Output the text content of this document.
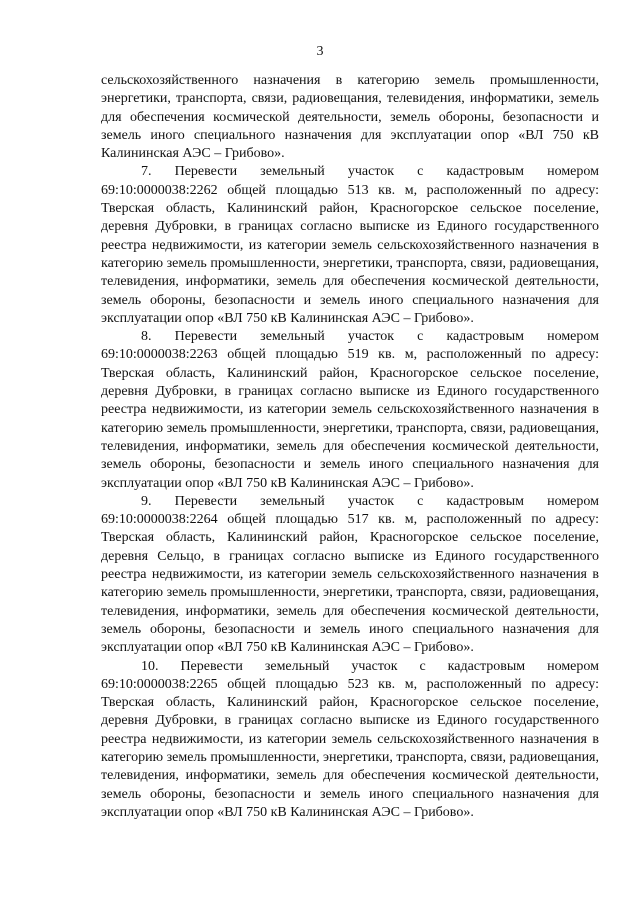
3

сельскохозяйственного назначения в категорию земель промышленности, энергетики, транспорта, связи, радиовещания, телевидения, информатики, земель для обеспечения космической деятельности, земель обороны, безопасности и земель иного специального назначения для эксплуатации опор «ВЛ 750 кВ Калининская АЭС – Грибово».

7. Перевести земельный участок с кадастровым номером 69:10:0000038:2262 общей площадью 513 кв. м, расположенный по адресу: Тверская область, Калининский район, Красногорское сельское поселение, деревня Дубровки, в границах согласно выписке из Единого государственного реестра недвижимости, из категории земель сельскохозяйственного назначения в категорию земель промышленности, энергетики, транспорта, связи, радиовещания, телевидения, информатики, земель для обеспечения космической деятельности, земель обороны, безопасности и земель иного специального назначения для эксплуатации опор «ВЛ 750 кВ Калининская АЭС – Грибово».

8. Перевести земельный участок с кадастровым номером 69:10:0000038:2263 общей площадью 519 кв. м, расположенный по адресу: Тверская область, Калининский район, Красногорское сельское поселение, деревня Дубровки, в границах согласно выписке из Единого государственного реестра недвижимости, из категории земель сельскохозяйственного назначения в категорию земель промышленности, энергетики, транспорта, связи, радиовещания, телевидения, информатики, земель для обеспечения космической деятельности, земель обороны, безопасности и земель иного специального назначения для эксплуатации опор «ВЛ 750 кВ Калининская АЭС – Грибово».

9. Перевести земельный участок с кадастровым номером 69:10:0000038:2264 общей площадью 517 кв. м, расположенный по адресу: Тверская область, Калининский район, Красногорское сельское поселение, деревня Сельцо, в границах согласно выписке из Единого государственного реестра недвижимости, из категории земель сельскохозяйственного назначения в категорию земель промышленности, энергетики, транспорта, связи, радиовещания, телевидения, информатики, земель для обеспечения космической деятельности, земель обороны, безопасности и земель иного специального назначения для эксплуатации опор «ВЛ 750 кВ Калининская АЭС – Грибово».

10. Перевести земельный участок с кадастровым номером 69:10:0000038:2265 общей площадью 523 кв. м, расположенный по адресу: Тверская область, Калининский район, Красногорское сельское поселение, деревня Дубровки, в границах согласно выписке из Единого государственного реестра недвижимости, из категории земель сельскохозяйственного назначения в категорию земель промышленности, энергетики, транспорта, связи, радиовещания, телевидения, информатики, земель для обеспечения космической деятельности, земель обороны, безопасности и земель иного специального назначения для эксплуатации опор «ВЛ 750 кВ Калининская АЭС – Грибово».
